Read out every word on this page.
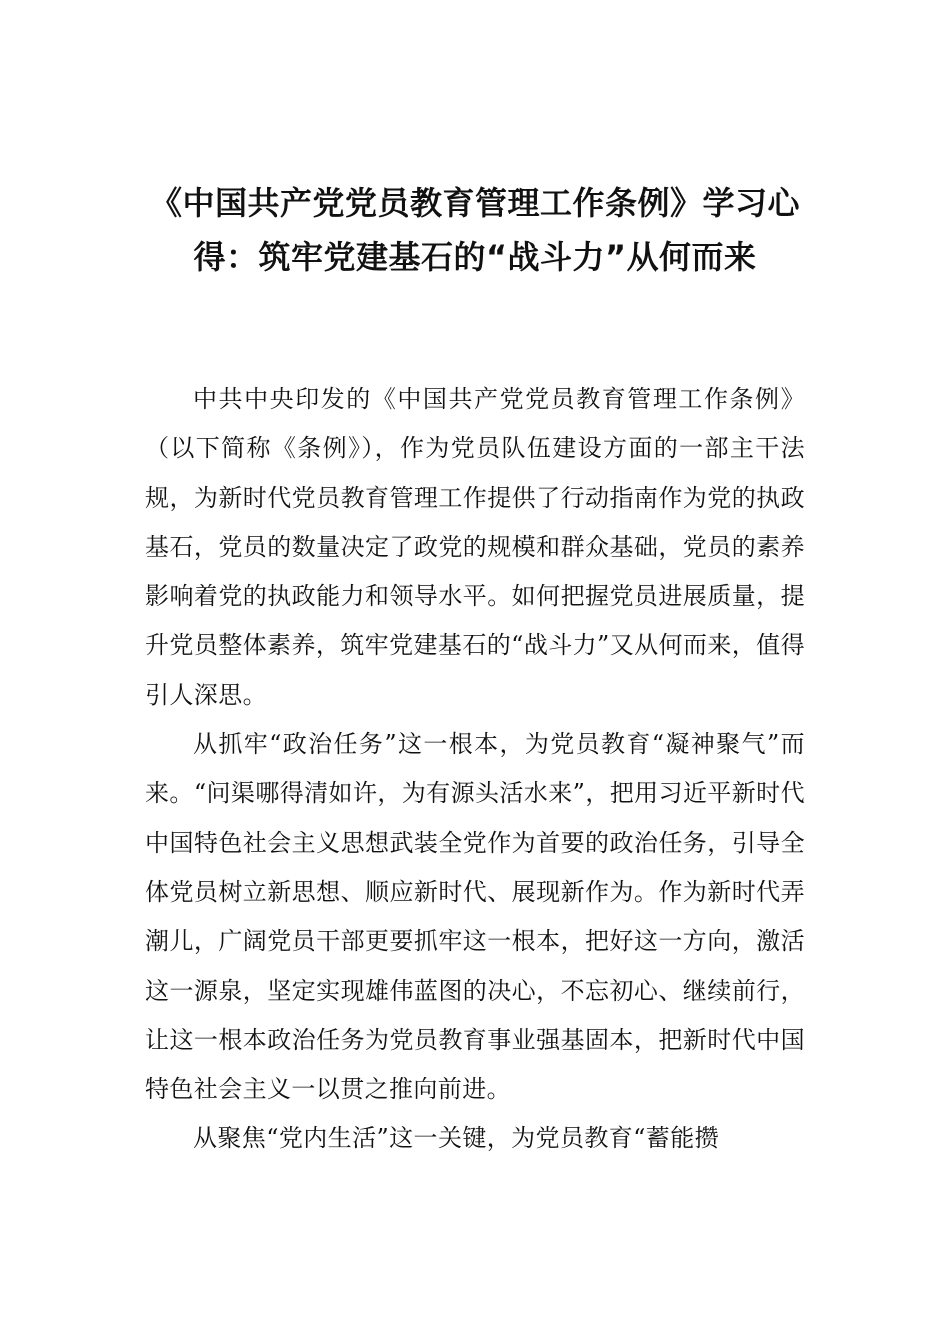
《中国共产党党员教育管理工作条例》学习心得：筑牢党建基石的“战斗力”从何而来

中共中央印发的《中国共产党党员教育管理工作条例》（以下简称《条例》），作为党员队伍建设方面的一部主干法规，为新时代党员教育管理工作提供了行动指南作为党的执政基石，党员的数量决定了政党的规模和群众基础，党员的素养影响着党的执政能力和领导水平。如何把握党员进展质量，提升党员整体素养，筑牢党建基石的“战斗力”又从何而来，值得引人深思。

从抓牢“政治任务”这一根本，为党员教育“凝神聚气”而来。“问渠哪得清如许，为有源头活水来”，把用习近平新时代中国特色社会主义思想武装全党作为首要的政治任务，引导全体党员树立新思想、顺应新时代、展现新作为。作为新时代弄潮儿，广阔党员干部更要抓牢这一根本，把好这一方向，激活这一源泉，坚定实现雄伟蓝图的决心，不忘初心、继续前行，让这一根本政治任务为党员教育事业强基固本，把新时代中国特色社会主义一以贯之推向前进。

从聚焦“党内生活”这一关键，为党员教育“蓄能攒
